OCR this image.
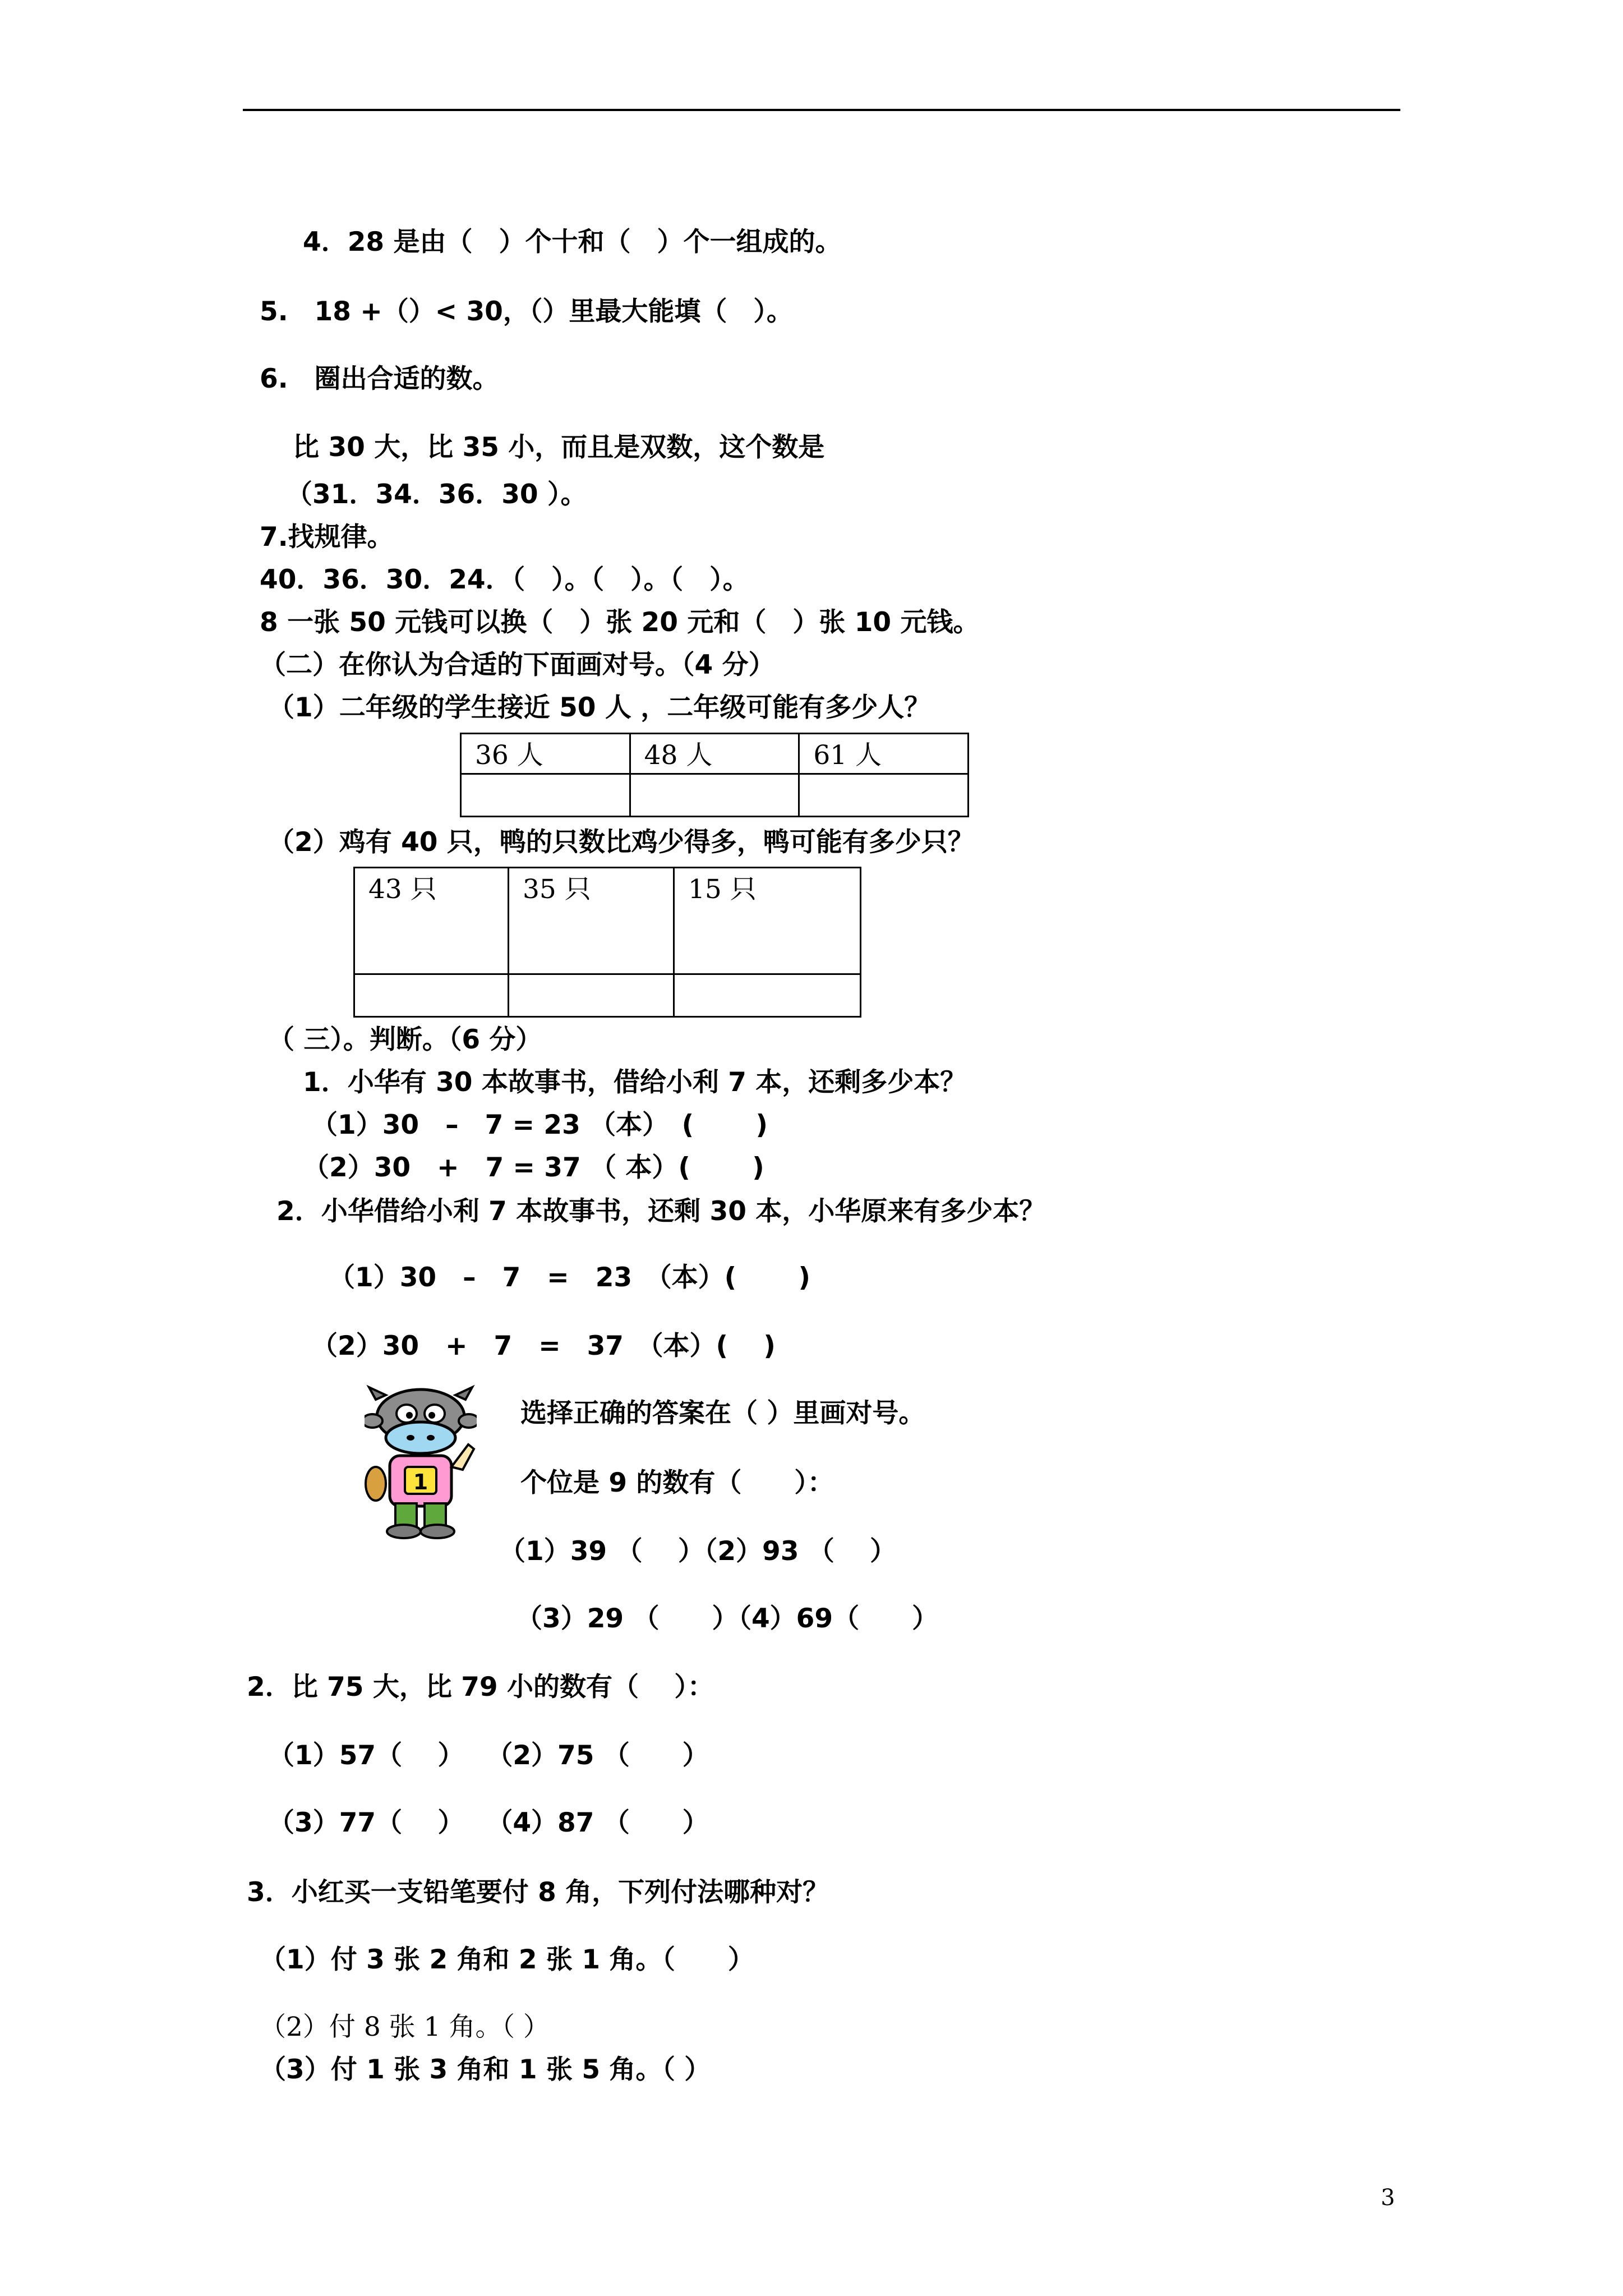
4．28 是由（　）个十和（　）个一组成的。
5.　18 +（）< 30，（）里最大能填（　）。
6.　圈出合适的数。
比 30 大，比 35 小，而且是双数，这个数是
（31．34．36．30 ）。
7.找规律。
40．36．30．24．（　）。（　）。（　）。
8 一张 50 元钱可以换（　）张 20 元和（　）张 10 元钱。
（二）在你认为合适的下面画对号。（4 分）
（1）二年级的学生接近 50 人 ，二年级可能有多少人？
36 人	48 人	61 人

（2）鸡有 40 只，鸭的只数比鸡少得多，鸭可能有多少只？
43 只	35 只	15 只

（ 三）。判断。（6 分）
1．小华有 30 本故事书，借给小利 7 本，还剩多少本？
（1）30　–　7 = 23 （本）　(　　 )
（2）30　+　7 = 37 （ 本）(　　 )
2．小华借给小利 7 本故事书，还剩 30 本，小华原来有多少本？
（1）30　–　7　=　23　（本）(　　 )
（2）30　+　7　=　37　（本）(　 )
1
选择正确的答案在（ ）里画对号。
个位是 9 的数有（　　）：
（1）39 （　 ）（2）93 （　 ）
（3）29 （　　）（4）69（　　）
2．比 75 大，比 79 小的数有（　 ）：
（1）57（　 ）　 （2）75 （　　）
（3）77（　 ）　 （4）87 （　　）
3．小红买一支铅笔要付 8 角，下列付法哪种对？
（1）付 3 张 2 角和 2 张 1 角。（　　）
（2）付 8 张 1 角。（ ）
（3）付 1 张 3 角和 1 张 5 角。（ ）
3
